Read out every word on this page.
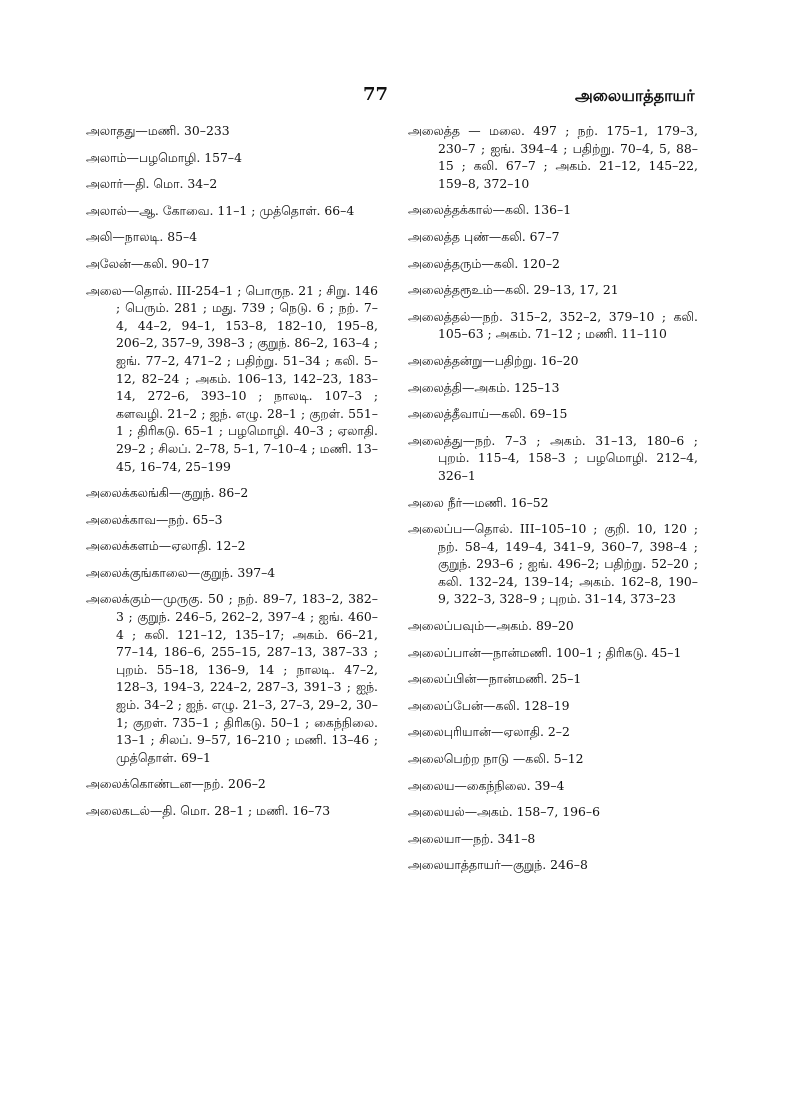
77	அலையாத்தாயர்
அலாதது—மணி. 30–233
அலாம்—பழமொழி. 157–4
அலார்—தி. மொ. 34–2
அலால்—ஆ. கோவை. 11–1 ; முத்தொள். 66–4
அலி—நாலடி. 85–4
அலேன்—கலி. 90–17
அலை—தொல். III-254–1 ; பொருந. 21 ; சிறு. 146 ; பெரும். 281 ; மது. 739 ; நெடு. 6 ; நற். 7–4, 44–2, 94–1, 153–8, 182–10, 195–8, 206–2, 357–9, 398–3 ; குறுந். 86–2, 163–4 ; ஐங். 77–2, 471–2 ; பதிற்று. 51–34 ; கலி. 5–12, 82–24 ; அகம். 106–13, 142–23, 183–14, 272–6, 393–10 ; நாலடி. 107–3 ; களவழி. 21–2 ; ஐந். எழு. 28–1 ; குறள். 551–1 ; திரிகடு. 65–1 ; பழமொழி. 40–3 ; ஏலாதி. 29–2 ; சிலப். 2–78, 5–1, 7–10–4 ; மணி. 13–45, 16–74, 25–199
அலைக்கலங்கி—குறுந். 86–2
அலைக்காவ—நற். 65–3
அலைக்களம்—ஏலாதி. 12–2
அலைக்குங்காலை—குறுந். 397–4
அலைக்கும்—முருகு. 50 ; நற். 89–7, 183–2, 382–3 ; குறுந். 246–5, 262–2, 397–4 ; ஐங். 460–4 ; கலி. 121–12, 135–17; அகம். 66–21, 77–14, 186–6, 255–15, 287–13, 387–33 ; புறம். 55–18, 136–9, 14 ; நாலடி. 47–2, 128–3, 194–3, 224–2, 287–3, 391–3 ; ஐந். ஐம். 34–2 ; ஐந். எழு. 21–3, 27–3, 29–2, 30–1; குறள். 735–1 ; திரிகடு. 50–1 ; கைந்நிலை. 13–1 ; சிலப். 9–57, 16–210 ; மணி. 13–46 ; முத்தொள். 69–1
அலைக்கொண்டன—நற். 206–2
அலைகடல்—தி. மொ. 28–1 ; மணி. 16–73
அலைத்த — மலை. 497 ; நற். 175–1, 179–3, 230–7 ; ஐங். 394–4 ; பதிற்று. 70–4, 5, 88–15 ; கலி. 67–7 ; அகம். 21–12, 145–22, 159–8, 372–10
அலைத்தக்கால்—கலி. 136–1
அலைத்த புண்—கலி. 67–7
அலைத்தரும்—கலி. 120–2
அலைத்தரூஉம்—கலி. 29–13, 17, 21
அலைத்தல்—நற். 315–2, 352–2, 379–10 ; கலி. 105–63 ; அகம். 71–12 ; மணி. 11–110
அலைத்தன்று—பதிற்று. 16–20
அலைத்தி—அகம். 125–13
அலைத்தீவாய்—கலி. 69–15
அலைத்து—நற். 7–3 ; அகம். 31–13, 180–6 ; புறம். 115–4, 158–3 ; பழமொழி. 212–4, 326–1
அலை நீர்—மணி. 16–52
அலைப்ப—தொல். III–105–10 ; குறி. 10, 120 ; நற். 58–4, 149–4, 341–9, 360–7, 398–4 ; குறுந். 293–6 ; ஐங். 496–2; பதிற்று. 52–20 ; கலி. 132–24, 139–14; அகம். 162–8, 190–9, 322–3, 328–9 ; புறம். 31–14, 373–23
அலைப்பவும்—அகம். 89–20
அலைப்பான்—நான்மணி. 100–1 ; திரிகடு. 45–1
அலைப்பின்—நான்மணி. 25–1
அலைப்பேன்—கலி. 128–19
அலைபுரியான்—ஏலாதி. 2–2
அலைபெற்ற நாடு —கலி. 5–12
அலைய—கைந்நிலை. 39–4
அலையல்—அகம். 158–7, 196–6
அலையா—நற். 341–8
அலையாத்தாயர்—குறுந். 246–8
